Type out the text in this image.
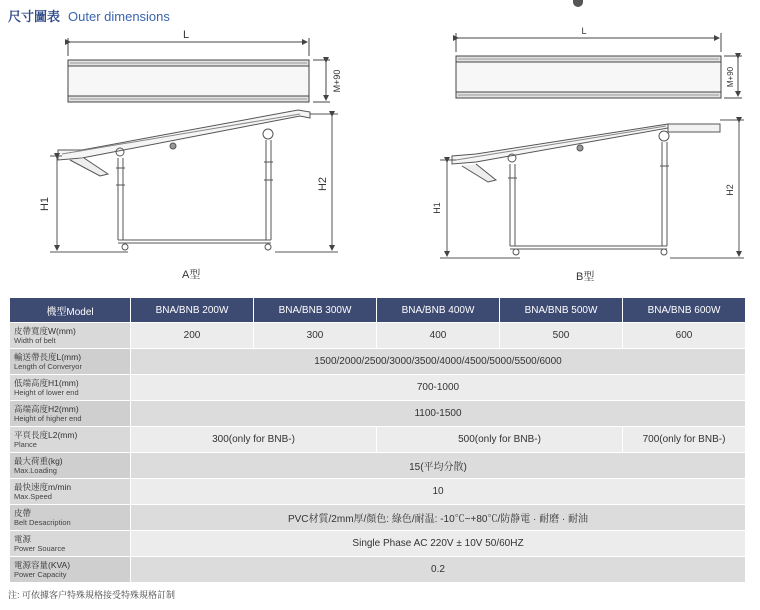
尺寸圖表 Outer dimensions
L
M+90
H1
H2
L
M+90
H1
H2
A型	B型
機型Model	BNA/BNB 200W	BNA/BNB 300W	BNA/BNB 400W	BNA/BNB 500W	BNA/BNB 600W

皮帶寬度W(mm)
Width of belt	200	300	400	500	600

輸送帶長度L(mm)
Length of Converyor	1500/2000/2500/3000/3500/4000/4500/5000/5500/6000				

低端高度H1(mm)
Height of lower end	700-1000				

高端高度H2(mm)
Height of higher end	1100-1500				

平頁長度L2(mm)
Plance	300(only for BNB-)		500(only for BNB-)		700(only for BNB-)

最大荷重(kg)
Max.Loading	15(平均分散)				

最快速度m/min
Max.Speed	10				

皮帶
Belt Desacription	PVC材質/2mm厚/顏色: 綠色/耐温: -10℃~+80℃/防静電 · 耐磨 · 耐油				

電源
Power Souarce	Single Phase AC 220V ± 10V 50/60HZ				

電源容量(KVA)
Power Capacity	0.2				
注: 可依據客户特殊規格接受特殊規格訂制
